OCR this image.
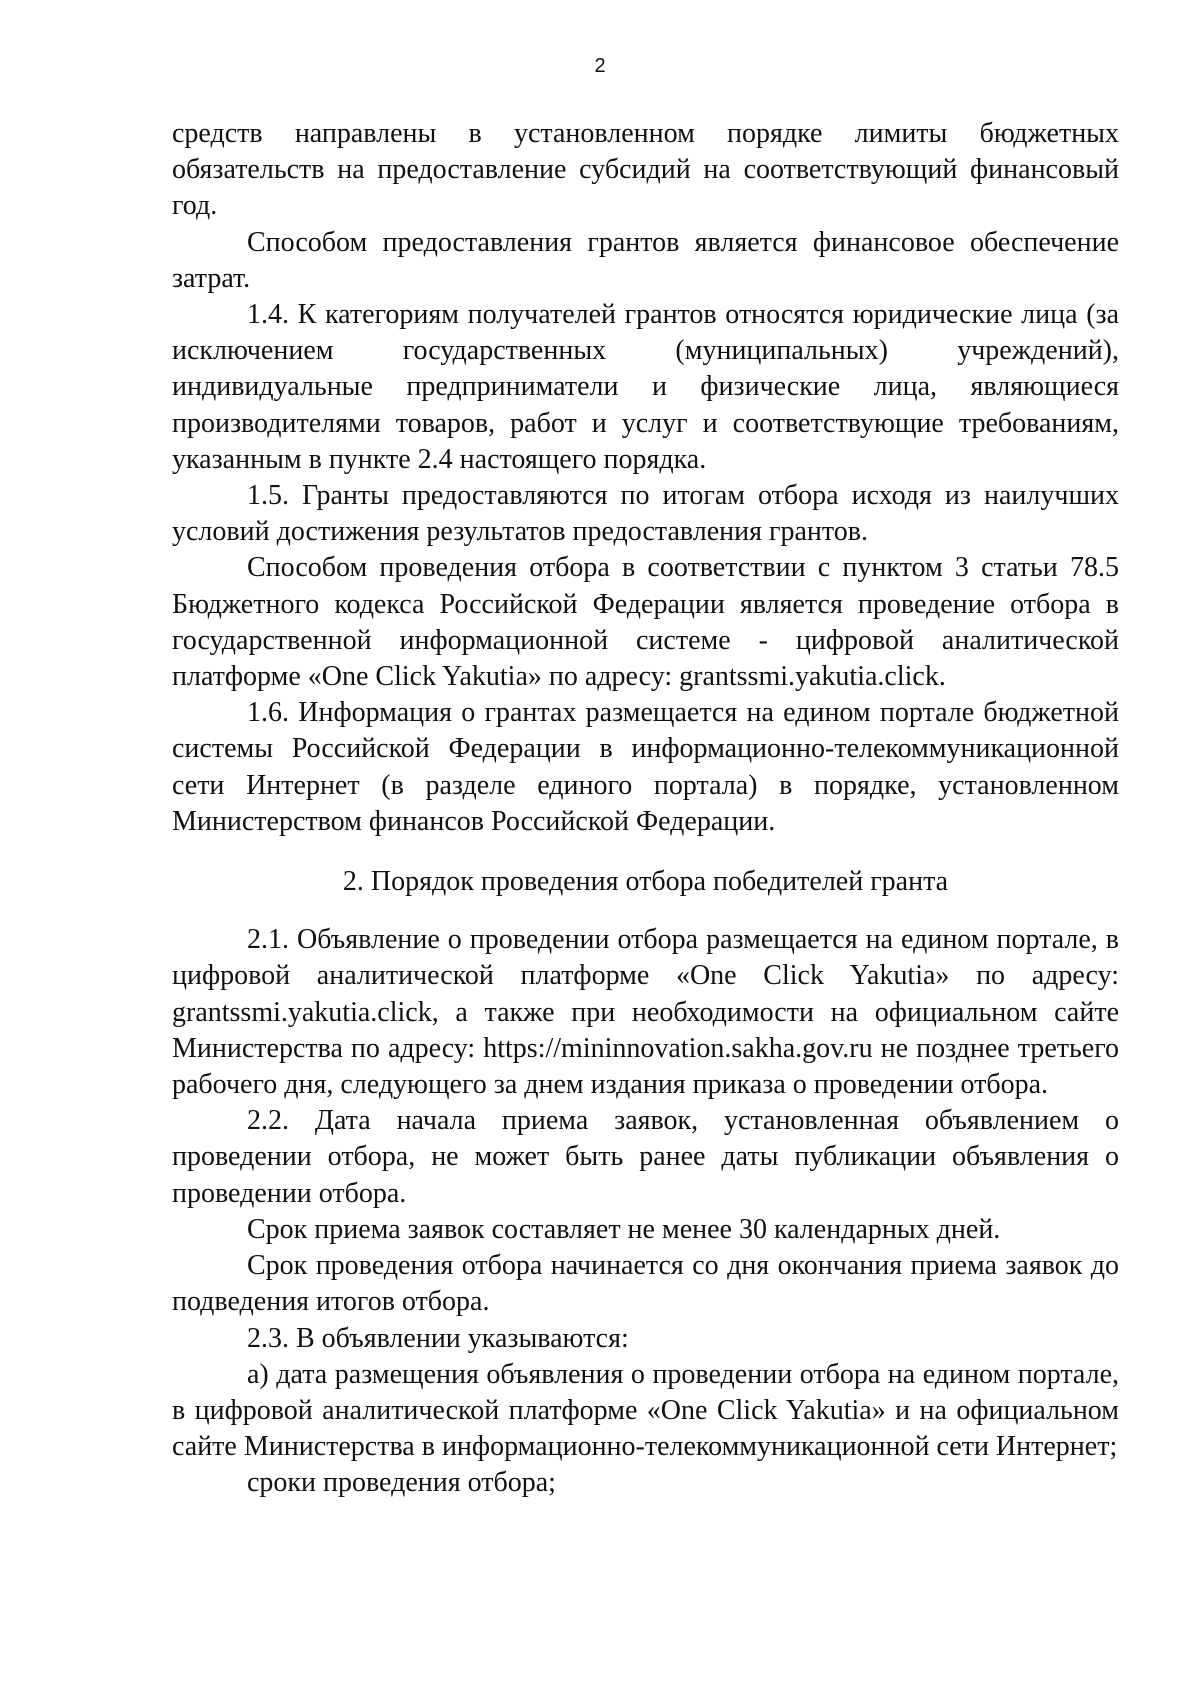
2

средств направлены в установленном порядке лимиты бюджетных обязательств на предоставление субсидий на соответствующий финансовый год.

Способом предоставления грантов является финансовое обеспечение затрат.

1.4. К категориям получателей грантов относятся юридические лица (за исключением государственных (муниципальных) учреждений), индивидуальные предприниматели и физические лица, являющиеся производителями товаров, работ и услуг и соответствующие требованиям, указанным в пункте 2.4 настоящего порядка.

1.5. Гранты предоставляются по итогам отбора исходя из наилучших условий достижения результатов предоставления грантов.

Способом проведения отбора в соответствии с пунктом 3 статьи 78.5 Бюджетного кодекса Российской Федерации является проведение отбора в государственной информационной системе - цифровой аналитической платформе «One Click Yakutia» по адресу: grantssmi.yakutia.click.

1.6. Информация о грантах размещается на едином портале бюджетной системы Российской Федерации в информационно-телекоммуникационной сети Интернет (в разделе единого портала) в порядке, установленном Министерством финансов Российской Федерации.

2. Порядок проведения отбора победителей гранта

2.1. Объявление о проведении отбора размещается на едином портале, в цифровой аналитической платформе «One Click Yakutia» по адресу: grantssmi.yakutia.click, а также при необходимости на официальном сайте Министерства по адресу: https://mininnovation.sakha.gov.ru не позднее третьего рабочего дня, следующего за днем издания приказа о проведении отбора.

2.2. Дата начала приема заявок, установленная объявлением о проведении отбора, не может быть ранее даты публикации объявления о проведении отбора.

Срок приема заявок составляет не менее 30 календарных дней.

Срок проведения отбора начинается со дня окончания приема заявок до подведения итогов отбора.

2.3. В объявлении указываются:

а) дата размещения объявления о проведении отбора на едином портале, в цифровой аналитической платформе «One Click Yakutia» и на официальном сайте Министерства в информационно-телекоммуникационной сети Интернет;

сроки проведения отбора;
